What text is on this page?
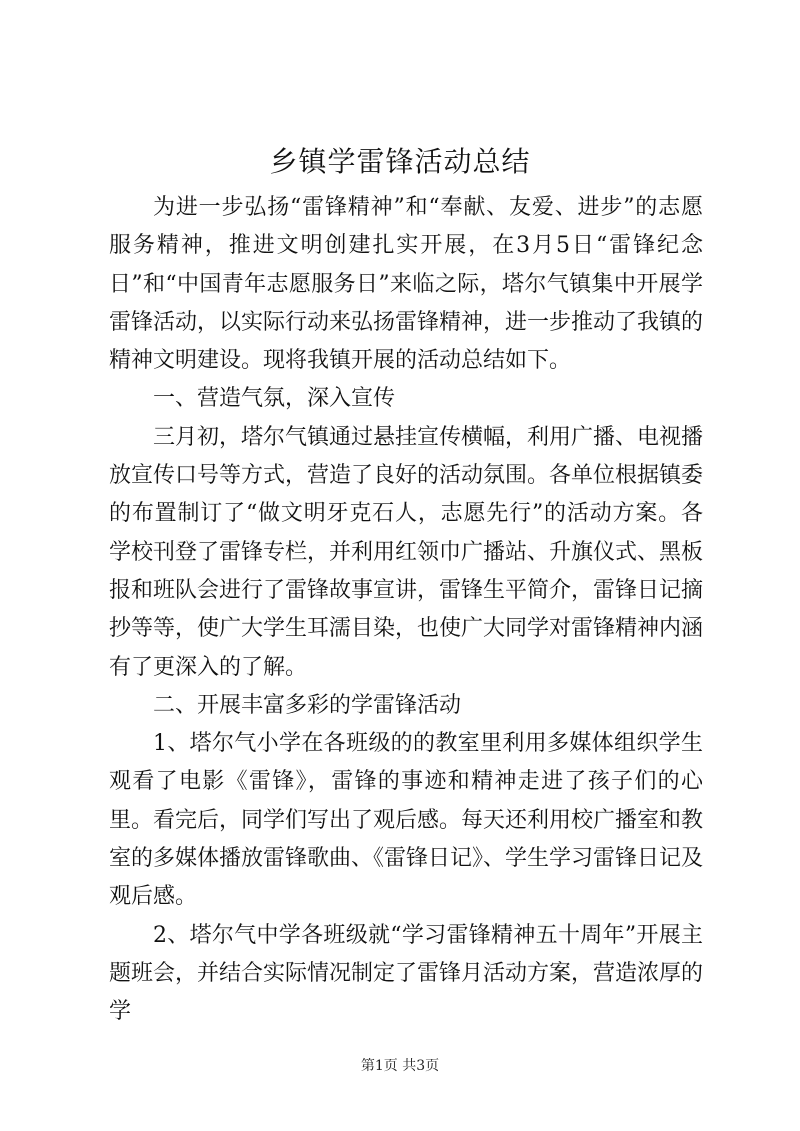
乡镇学雷锋活动总结

为进一步弘扬“雷锋精神”和“奉献、友爱、进步”的志愿服务精神，推进文明创建扎实开展，在3月5日“雷锋纪念日”和“中国青年志愿服务日”来临之际，塔尔气镇集中开展学雷锋活动，以实际行动来弘扬雷锋精神，进一步推动了我镇的精神文明建设。现将我镇开展的活动总结如下。

一、营造气氛，深入宣传

三月初，塔尔气镇通过悬挂宣传横幅，利用广播、电视播放宣传口号等方式，营造了良好的活动氛围。各单位根据镇委的布置制订了“做文明牙克石人，志愿先行”的活动方案。各学校刊登了雷锋专栏，并利用红领巾广播站、升旗仪式、黑板报和班队会进行了雷锋故事宣讲，雷锋生平简介，雷锋日记摘抄等等，使广大学生耳濡目染，也使广大同学对雷锋精神内涵有了更深入的了解。

二、开展丰富多彩的学雷锋活动

1、塔尔气小学在各班级的的教室里利用多媒体组织学生观看了电影《雷锋》，雷锋的事迹和精神走进了孩子们的心里。看完后，同学们写出了观后感。每天还利用校广播室和教室的多媒体播放雷锋歌曲、《雷锋日记》、学生学习雷锋日记及观后感。

2、塔尔气中学各班级就“学习雷锋精神五十周年”开展主题班会，并结合实际情况制定了雷锋月活动方案，营造浓厚的学

第1页 共3页
